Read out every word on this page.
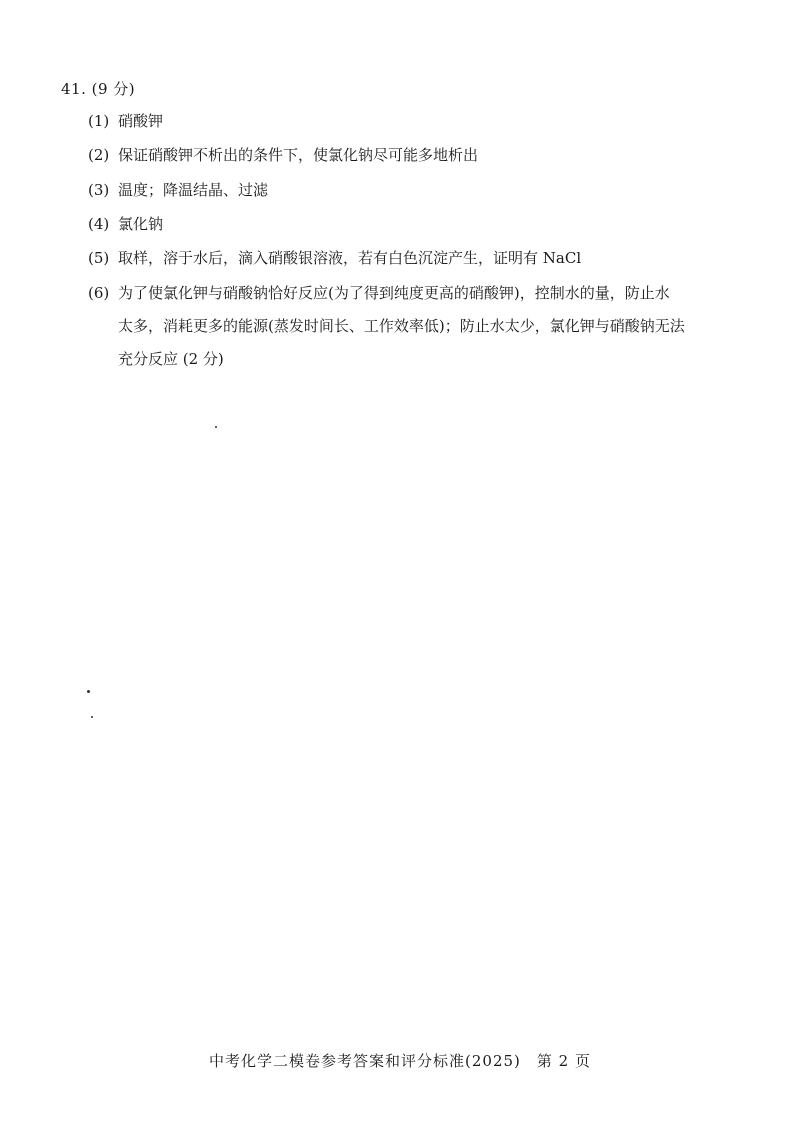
41. (9 分)
(1) 硝酸钾
(2) 保证硝酸钾不析出的条件下，使氯化钠尽可能多地析出
(3) 温度；降温结晶、过滤
(4) 氯化钠
(5) 取样，溶于水后，滴入硝酸银溶液，若有白色沉淀产生，证明有 NaCl
(6) 为了使氯化钾与硝酸钠恰好反应(为了得到纯度更高的硝酸钾)，控制水的量，防止水
太多，消耗更多的能源(蒸发时间长、工作效率低)；防止水太少，氯化钾与硝酸钠无法
充分反应 (2 分)
中考化学二模卷参考答案和评分标准(2025)　第 2 页
